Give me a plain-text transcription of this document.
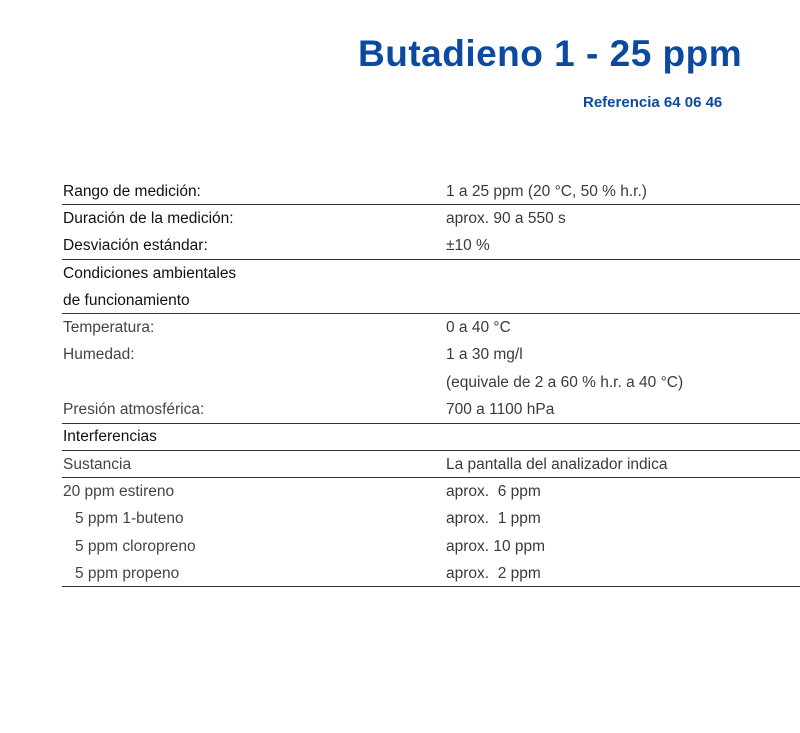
Butadieno 1 - 25 ppm
Referencia 64 06 46
Rango de medición:	1 a 25 ppm (20 °C, 50 % h.r.)
Duración de la medición:	aprox. 90 a 550 s
Desviación estándar:	±10 %
Condiciones ambientales
de funcionamiento
Temperatura:	0 a 40 °C
Humedad:	1 a 30 mg/l
(equivale de 2 a 60 % h.r. a 40 °C)
Presión atmosférica:	700 a 1100 hPa
Interferencias
Sustancia	La pantalla del analizador indica
20 ppm estireno	aprox.  6 ppm
5 ppm 1-buteno	aprox.  1 ppm
5 ppm cloropreno	aprox. 10 ppm
5 ppm propeno	aprox.  2 ppm
